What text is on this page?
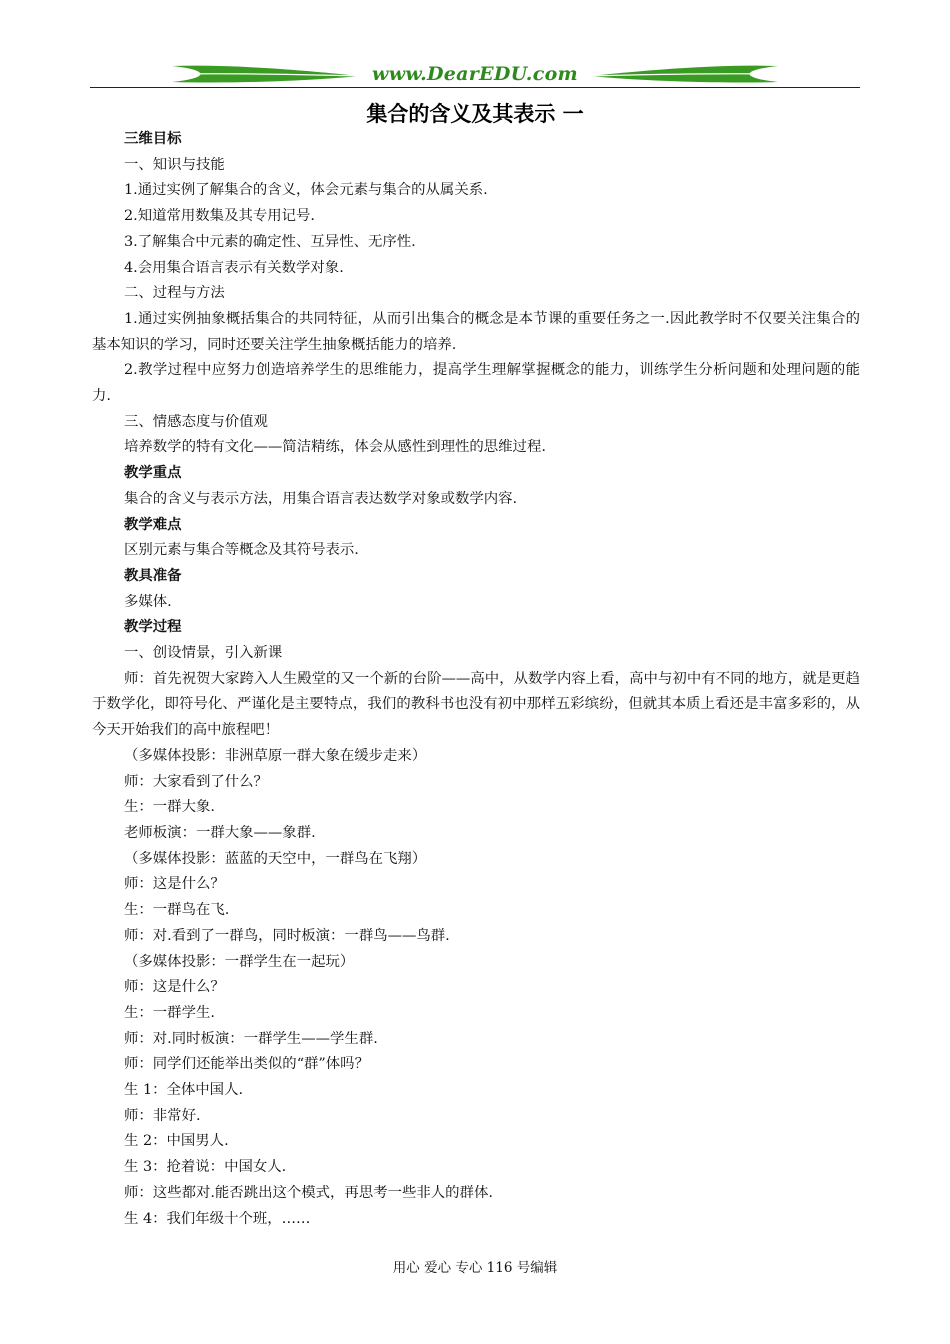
www.DearEDU.com
集合的含义及其表示 一

三维目标

一、知识与技能

1.通过实例了解集合的含义，体会元素与集合的从属关系.

2.知道常用数集及其专用记号.

3.了解集合中元素的确定性、互异性、无序性.

4.会用集合语言表示有关数学对象.

二、过程与方法

1.通过实例抽象概括集合的共同特征，从而引出集合的概念是本节课的重要任务之一.因此教学时不仅要关注集合的基本知识的学习，同时还要关注学生抽象概括能力的培养.

2.教学过程中应努力创造培养学生的思维能力，提高学生理解掌握概念的能力，训练学生分析问题和处理问题的能力.

三、情感态度与价值观

培养数学的特有文化——简洁精练，体会从感性到理性的思维过程.

教学重点

集合的含义与表示方法，用集合语言表达数学对象或数学内容.

教学难点

区别元素与集合等概念及其符号表示.

教具准备

多媒体.

教学过程

一、创设情景，引入新课

师：首先祝贺大家跨入人生殿堂的又一个新的台阶——高中，从数学内容上看，高中与初中有不同的地方，就是更趋于数学化，即符号化、严谨化是主要特点，我们的教科书也没有初中那样五彩缤纷，但就其本质上看还是丰富多彩的，从今天开始我们的高中旅程吧！

（多媒体投影：非洲草原一群大象在缓步走来）

师：大家看到了什么？

生：一群大象.

老师板演：一群大象——象群.

（多媒体投影：蓝蓝的天空中，一群鸟在飞翔）

师：这是什么？

生：一群鸟在飞.

师：对.看到了一群鸟，同时板演：一群鸟——鸟群.

（多媒体投影：一群学生在一起玩）

师：这是什么？

生：一群学生.

师：对.同时板演：一群学生——学生群.

师：同学们还能举出类似的“群”体吗？

生 1：全体中国人.

师：非常好.

生 2：中国男人.

生 3：抢着说：中国女人.

师：这些都对.能否跳出这个模式，再思考一些非人的群体.

生 4：我们年级十个班，……

用心 爱心 专心 116 号编辑
